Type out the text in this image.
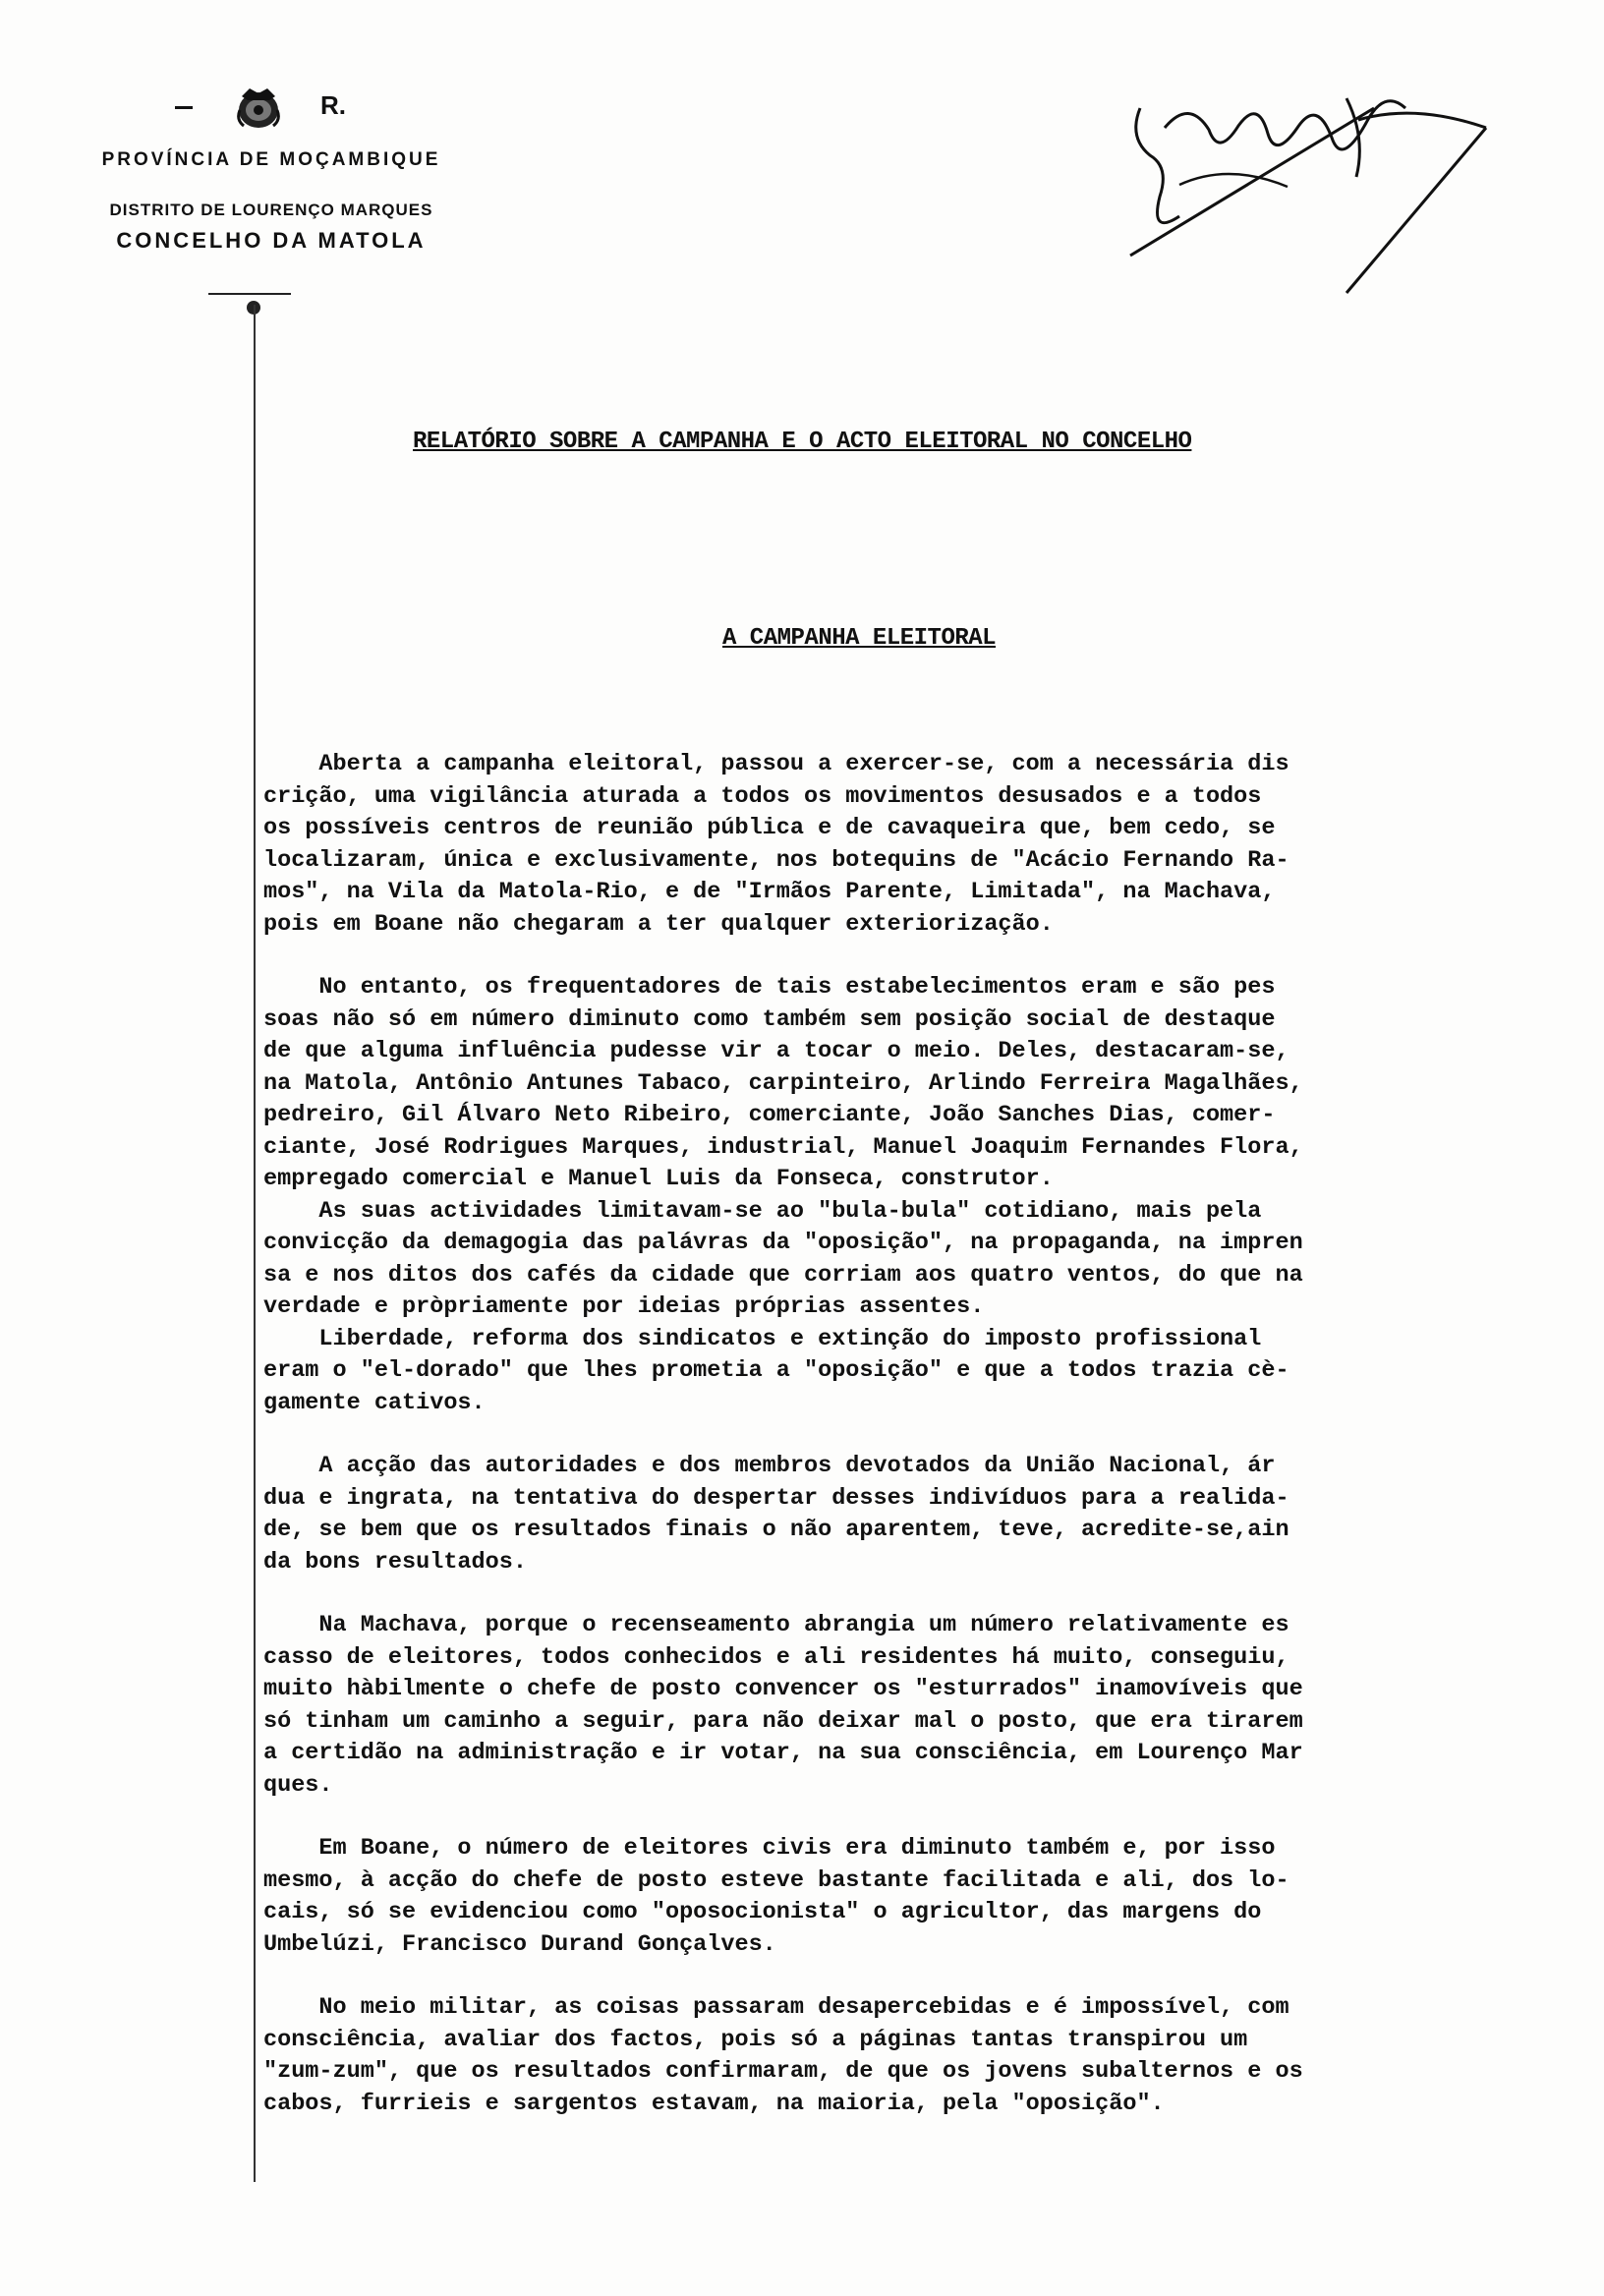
R.
PROVÍNCIA DE MOÇAMBIQUE
DISTRITO DE LOURENÇO MARQUES
CONCELHO DA MATOLA
RELATÓRIO SOBRE A CAMPANHA E O ACTO ELEITORAL NO CONCELHO
A CAMPANHA ELEITORAL

Aberta a campanha eleitoral, passou a exercer-se, com a necessária dis
crição, uma vigilância aturada a todos os movimentos desusados e a todos
os possíveis centros de reunião pública e de cavaqueira que, bem cedo, se
localizaram, única e exclusivamente, nos botequins de "Acácio Fernando Ra-
mos", na Vila da Matola-Rio, e de "Irmãos Parente, Limitada", na Machava,
pois em Boane não chegaram a ter qualquer exteriorização.

No entanto, os frequentadores de tais estabelecimentos eram e são pes
soas não só em número diminuto como também sem posição social de destaque
de que alguma influência pudesse vir a tocar o meio. Deles, destacaram-se,
na Matola, Antônio Antunes Tabaco, carpinteiro, Arlindo Ferreira Magalhães,
pedreiro, Gil Álvaro Neto Ribeiro, comerciante, João Sanches Dias, comer-
ciante, José Rodrigues Marques, industrial, Manuel Joaquim Fernandes Flora,
empregado comercial e Manuel Luis da Fonseca, construtor.
As suas actividades limitavam-se ao "bula-bula" cotidiano, mais pela
convicção da demagogia das palávras da "oposição", na propaganda, na impren
sa e nos ditos dos cafés da cidade que corriam aos quatro ventos, do que na
verdade e pròpriamente por ideias próprias assentes.
Liberdade, reforma dos sindicatos e extinção do imposto profissional
eram o "el-dorado" que lhes prometia a "oposição" e que a todos trazia cè-
gamente cativos.

A acção das autoridades e dos membros devotados da União Nacional, ár
dua e ingrata, na tentativa do despertar desses indivíduos para a realida-
de, se bem que os resultados finais o não aparentem, teve, acredite-se,ain
da bons resultados.

Na Machava, porque o recenseamento abrangia um número relativamente es
casso de eleitores, todos conhecidos e ali residentes há muito, conseguiu,
muito hàbilmente o chefe de posto convencer os "esturrados" inamovíveis que
só tinham um caminho a seguir, para não deixar mal o posto, que era tirarem
a certidão na administração e ir votar, na sua consciência, em Lourenço Mar
ques.

Em Boane, o número de eleitores civis era diminuto também e, por isso
mesmo, à acção do chefe de posto esteve bastante facilitada e ali, dos lo-
cais, só se evidenciou como "oposocionista" o agricultor, das margens do
Umbelúzi, Francisco Durand Gonçalves.

No meio militar, as coisas passaram desapercebidas e é impossível, com
consciência, avaliar dos factos, pois só a páginas tantas transpirou um
"zum-zum", que os resultados confirmaram, de que os jovens subalternos e os
cabos, furrieis e sargentos estavam, na maioria, pela "oposição".
